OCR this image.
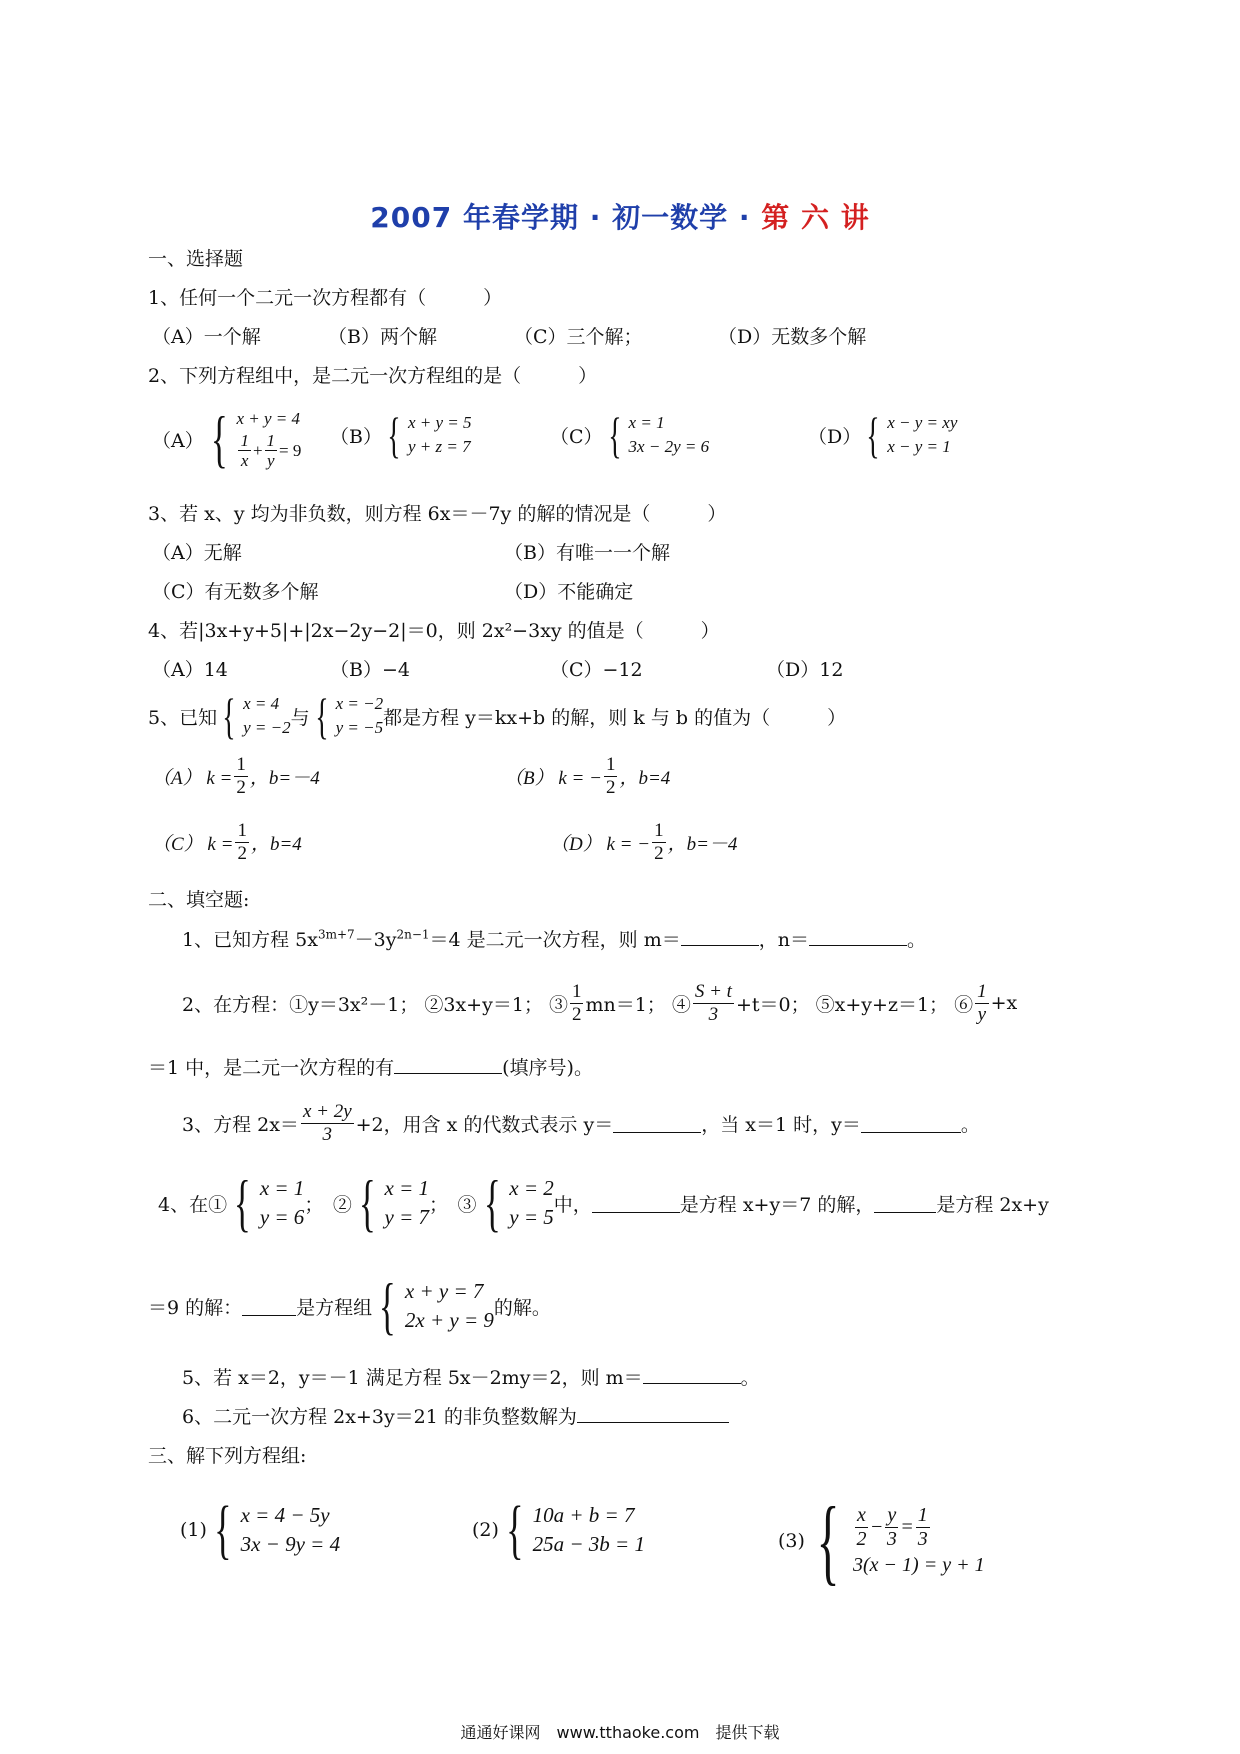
2007 年春学期 · 初一数学 · 第 六 讲
一、选择题
1、任何一个二元一次方程都有（　　　）
（A）一个解	（B）两个解	（C）三个解；	（D）无数多个解
2、下列方程组中，是二元一次方程组的是（　　　）
（A） { x + y = 4
$\frac{1}{x} + \frac{1}{y} = 9$
（B） { x + y = 5
y + z = 7	（C） { x = 1
3x − 2y = 6	（D） { x − y = xy
x − y = 1
3、若 x、y 均为非负数，则方程 6x＝－7y 的解的情况是（　　　）
（A）无解	（B）有唯一一个解
（C）有无数多个解	（D）不能确定
4、若|3x+y+5|+|2x−2y−2|＝0，则 2x²−3xy 的值是（　　　）
（A）14	（B）−4	（C）−12	（D）12
5、已知 { x = 4
y = −2 与 { x = −2
y = −5 都是方程 y＝kx+b 的解，则 k 与 b 的值为（　　　）
（A） $k = \frac{1}{2}$ ，b=－4	（B） k = − $\frac{1}{2}$ ，b=4
（C） $k = \frac{1}{2}$ ，b=4	（D） k = − $\frac{1}{2}$ ，b=－4
二、填空题:
1、已知方程 $5x^{3m+7}-3y^{2n-1}=4$ 是二元一次方程，则 m＝	，n＝	。
2、在方程：①y＝3x²－1； ②3x+y＝1； ③ $\frac{1}{2} mn=1$； ④ $\frac{S + t}{3} +t=0$； ⑤x+y+z＝1； ⑥ $\frac{1}{y} +x$
＝1 中，是二元一次方程的有	(填序号)。
3、方程 $2x= \frac{x + 2y}{3} +2$，用含 x 的代数式表示 y＝	，当 x＝1 时，y＝	。
4、在① { x = 1
y = 6
；　② { x = 1
y = 7
；　③ { x = 2
y = 5
中，	是方程 x+y＝7 的解，	是方程 2x+y
＝9 的解：	是方程组 { x + y = 7
2x + y = 9
的解。
5、若 x＝2，y＝－1 满足方程 5x－2my＝2，则 m＝	。
6、二元一次方程 2x+3y＝21 的非负整数解为
三、解下列方程组:
(1) { x = 4 − 5y
3x − 9y = 4
(2) { 10a + b = 7
25a − 3b = 1	(3) { $\frac{x}{2} - \frac{y}{3} = \frac{1}{3}$
3(x − 1) = y + 1
通通好课网　www.tthaoke.com　提供下载
